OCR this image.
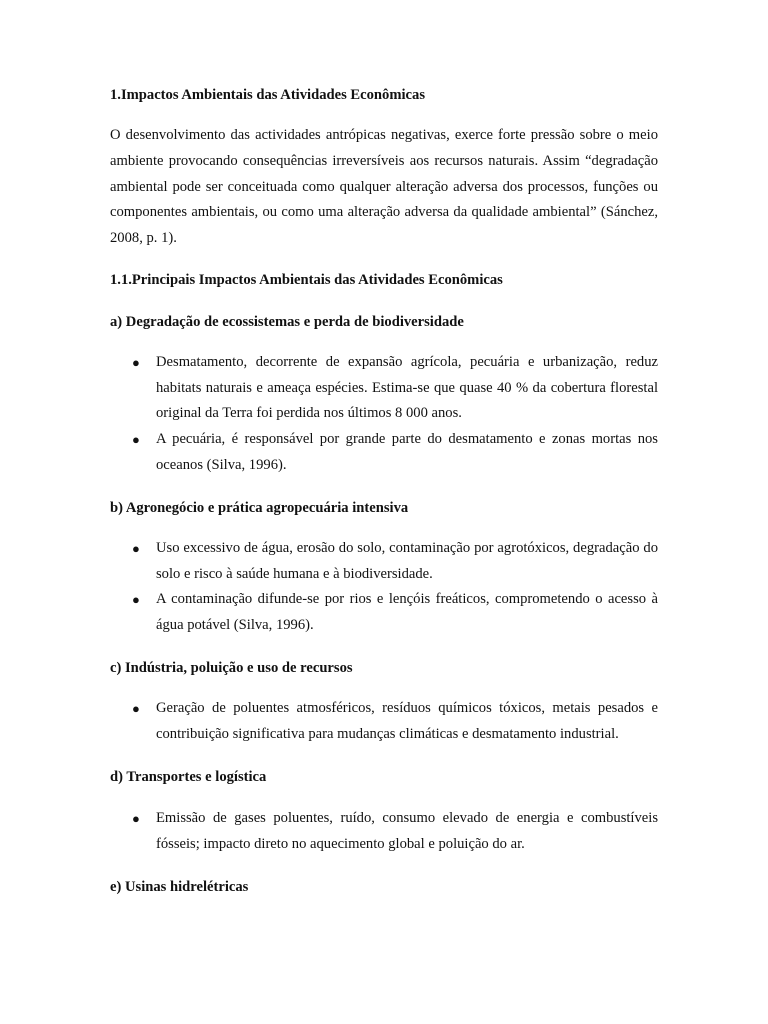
1.Impactos Ambientais das Atividades Econômicas

O desenvolvimento das actividades antrópicas negativas, exerce forte pressão sobre o meio ambiente provocando consequências irreversíveis aos recursos naturais. Assim “degradação ambiental pode ser conceituada como qualquer alteração adversa dos processos, funções ou componentes ambientais, ou como uma alteração adversa da qualidade ambiental” (Sánchez, 2008, p. 1).

1.1.Principais Impactos Ambientais das Atividades Econômicas
a) Degradação de ecossistemas e perda de biodiversidade
● Desmatamento, decorrente de expansão agrícola, pecuária e urbanização, reduz habitats naturais e ameaça espécies. Estima-se que quase 40 % da cobertura florestal original da Terra foi perdida nos últimos 8 000 anos.
● A pecuária, é responsável por grande parte do desmatamento e zonas mortas nos oceanos (Silva, 1996).
b) Agronegócio e prática agropecuária intensiva
● Uso excessivo de água, erosão do solo, contaminação por agrotóxicos, degradação do solo e risco à saúde humana e à biodiversidade.
● A contaminação difunde-se por rios e lençóis freáticos, comprometendo o acesso à água potável (Silva, 1996).
c) Indústria, poluição e uso de recursos
● Geração de poluentes atmosféricos, resíduos químicos tóxicos, metais pesados e contribuição significativa para mudanças climáticas e desmatamento industrial.
d) Transportes e logística
● Emissão de gases poluentes, ruído, consumo elevado de energia e combustíveis fósseis; impacto direto no aquecimento global e poluição do ar.
e) Usinas hidrelétricas
